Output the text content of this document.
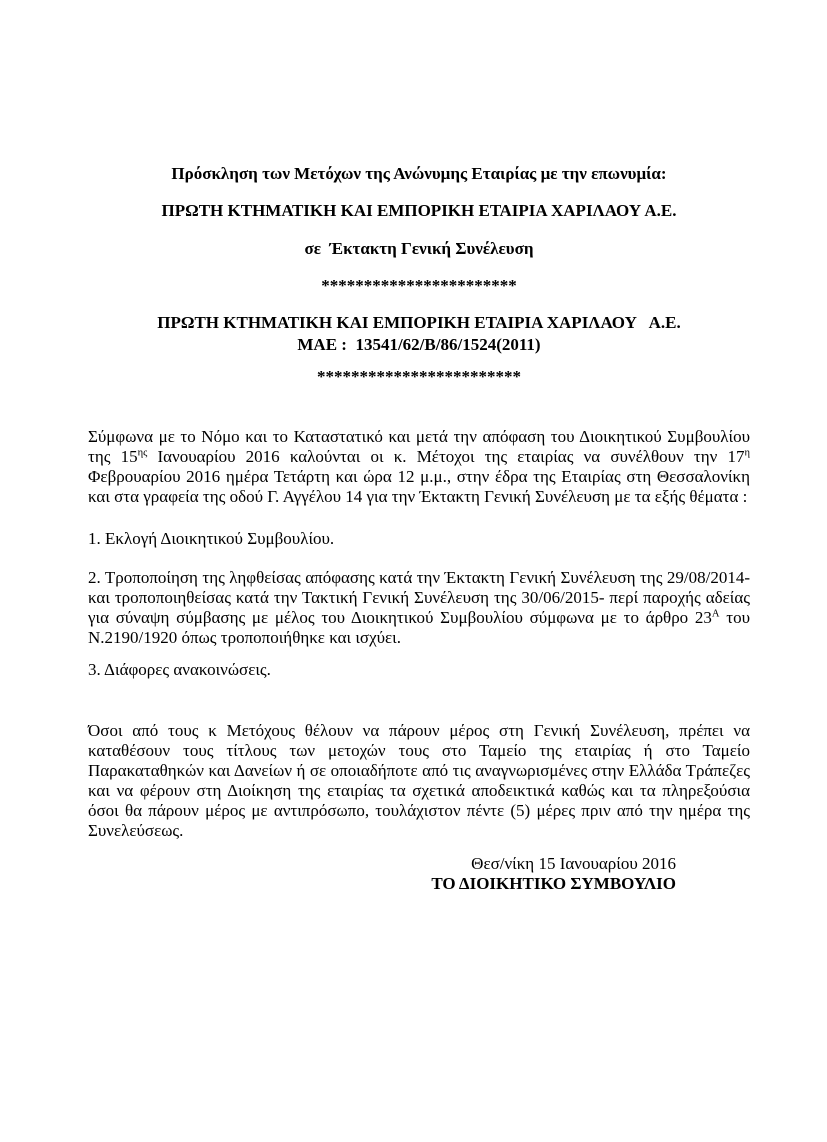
Πρόσκληση των Μετόχων της Ανώνυμης Εταιρίας με την επωνυμία:

ΠΡΩΤΗ ΚΤΗΜΑΤΙΚΗ ΚΑΙ ΕΜΠΟΡΙΚΗ ΕΤΑΙΡΙΑ ΧΑΡΙΛΑΟΥ Α.Ε.

σε  Έκτακτη Γενική Συνέλευση

***********************

ΠΡΩΤΗ ΚΤΗΜΑΤΙΚΗ ΚΑΙ ΕΜΠΟΡΙΚΗ ΕΤΑΙΡΙΑ ΧΑΡΙΛΑΟΥ   Α.Ε.

ΜΑΕ :  13541/62/Β/86/1524(2011)

************************

Σύμφωνα με το Νόμο και το Καταστατικό και μετά την απόφαση του Διοικητικού Συμβουλίου της $15^{\eta\varsigma}$ Ιανουαρίου 2016 καλούνται οι κ. Μέτοχοι της εταιρίας να συνέλθουν την $17^\eta$ Φεβρουαρίου 2016 ημέρα Τετάρτη και ώρα 12 μ.μ., στην έδρα της Εταιρίας στη Θεσσαλονίκη και στα γραφεία της οδού Γ. Αγγέλου 14 για την Έκτακτη Γενική Συνέλευση με τα εξής θέματα :

1. Εκλογή Διοικητικού Συμβουλίου.

2. Τροποποίηση της ληφθείσας απόφασης κατά την Έκτακτη Γενική Συνέλευση της 29/08/2014-και τροποποιηθείσας κατά την Τακτική Γενική Συνέλευση της 30/06/2015- περί παροχής αδείας για σύναψη σύμβασης με μέλος του Διοικητικού Συμβουλίου σύμφωνα με το άρθρο $23^A$ του Ν.2190/1920 όπως τροποποιήθηκε και ισχύει.

3. Διάφορες ανακοινώσεις.

Όσοι από τους κ Μετόχους θέλουν να πάρουν μέρος στη Γενική Συνέλευση, πρέπει να καταθέσουν τους τίτλους των μετοχών τους στο Ταμείο της εταιρίας ή στο Ταμείο Παρακαταθηκών και Δανείων ή σε οποιαδήποτε από τις αναγνωρισμένες στην Ελλάδα Τράπεζες και να φέρουν στη Διοίκηση της εταιρίας τα σχετικά αποδεικτικά καθώς και τα πληρεξούσια όσοι θα πάρουν μέρος με αντιπρόσωπο, τουλάχιστον πέντε (5) μέρες πριν από την ημέρα της Συνελεύσεως.

Θεσ/νίκη 15 Ιανουαρίου 2016

ΤΟ ΔΙΟΙΚΗΤΙΚΟ ΣΥΜΒΟΥΛΙΟ
